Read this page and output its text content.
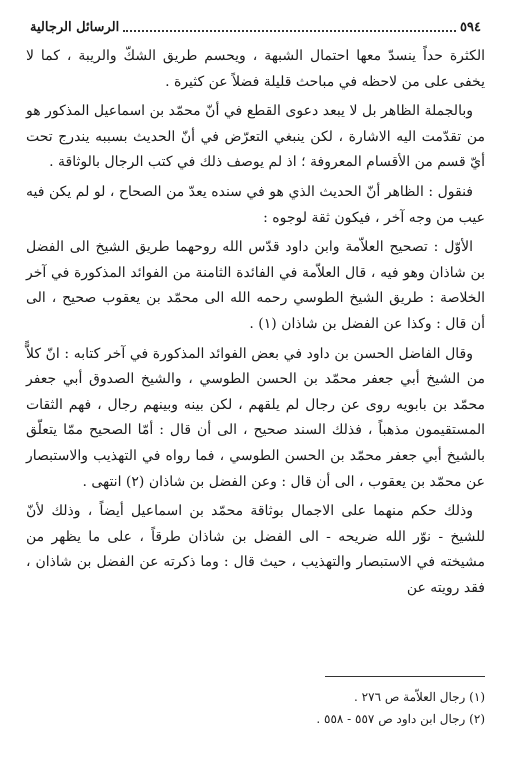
٥٩٤
الرسائل الرجالية

الكثرة حداً ينسدّ معها احتمال الشبهة ، ويحسم طريق الشكّ والريبة ، كما لا يخفى على من لاحظه في مباحث قليلة فضلاً عن كثيرة .

وبالجملة الظاهر بل لا يبعد دعوى القطع في أنّ محمّد بن اسماعيل المذكور هو من تقدّمت اليه الاشارة ، لكن ينبغي التعرّض في أنّ الحديث بسببه يندرج تحت أيّ قسم من الأقسام المعروفة ؛ اذ لم يوصف ذلك في كتب الرجال بالوثاقة .

فنقول : الظاهر أنّ الحديث الذي هو في سنده يعدّ من الصحاح ، لو لم يكن فيه عيب من وجه آخر ، فيكون ثقة لوجوه :

الأوّل : تصحيح العلاّمة وابن داود قدّس الله روحهما طريق الشيخ الى الفضل بن شاذان وهو فيه ، قال العلاّمة في الفائدة الثامنة من الفوائد المذكورة في آخر الخلاصة : طريق الشيخ الطوسي رحمه الله الى محمّد بن يعقوب صحيح ، الى أن قال : وكذا عن الفضل بن شاذان (١) .

وقال الفاضل الحسن بن داود في بعض الفوائد المذكورة في آخر كتابه : انّ كلاًّ من الشيخ أبي جعفر محمّد بن الحسن الطوسي ، والشيخ الصدوق أبي جعفر محمّد بن بابويه روى عن رجال لم يلقهم ، لكن بينه وبينهم رجال ، فهم الثقات المستقيمون مذهباً ، فذلك السند صحيح ، الى أن قال : أمّا الصحيح ممّا يتعلّق بالشيخ أبي جعفر محمّد بن الحسن الطوسي ، فما رواه في التهذيب والاستبصار عن محمّد بن يعقوب ، الى أن قال : وعن الفضل بن شاذان (٢) انتهى .

وذلك حكم منهما على الاجمال بوثاقة محمّد بن اسماعيل أيضاً ، وذلك لأنّ للشيخ - نوّر الله ضريحه - الى الفضل بن شاذان طرقاً ، على ما يظهر من مشيخته في الاستبصار والتهذيب ، حيث قال : وما ذكرته عن الفضل بن شاذان ، فقد رويته عن

(١) رجال العلاّمة ص ٢٧٦ .
(٢) رجال ابن داود ص ٥٥٧ - ٥٥٨ .
